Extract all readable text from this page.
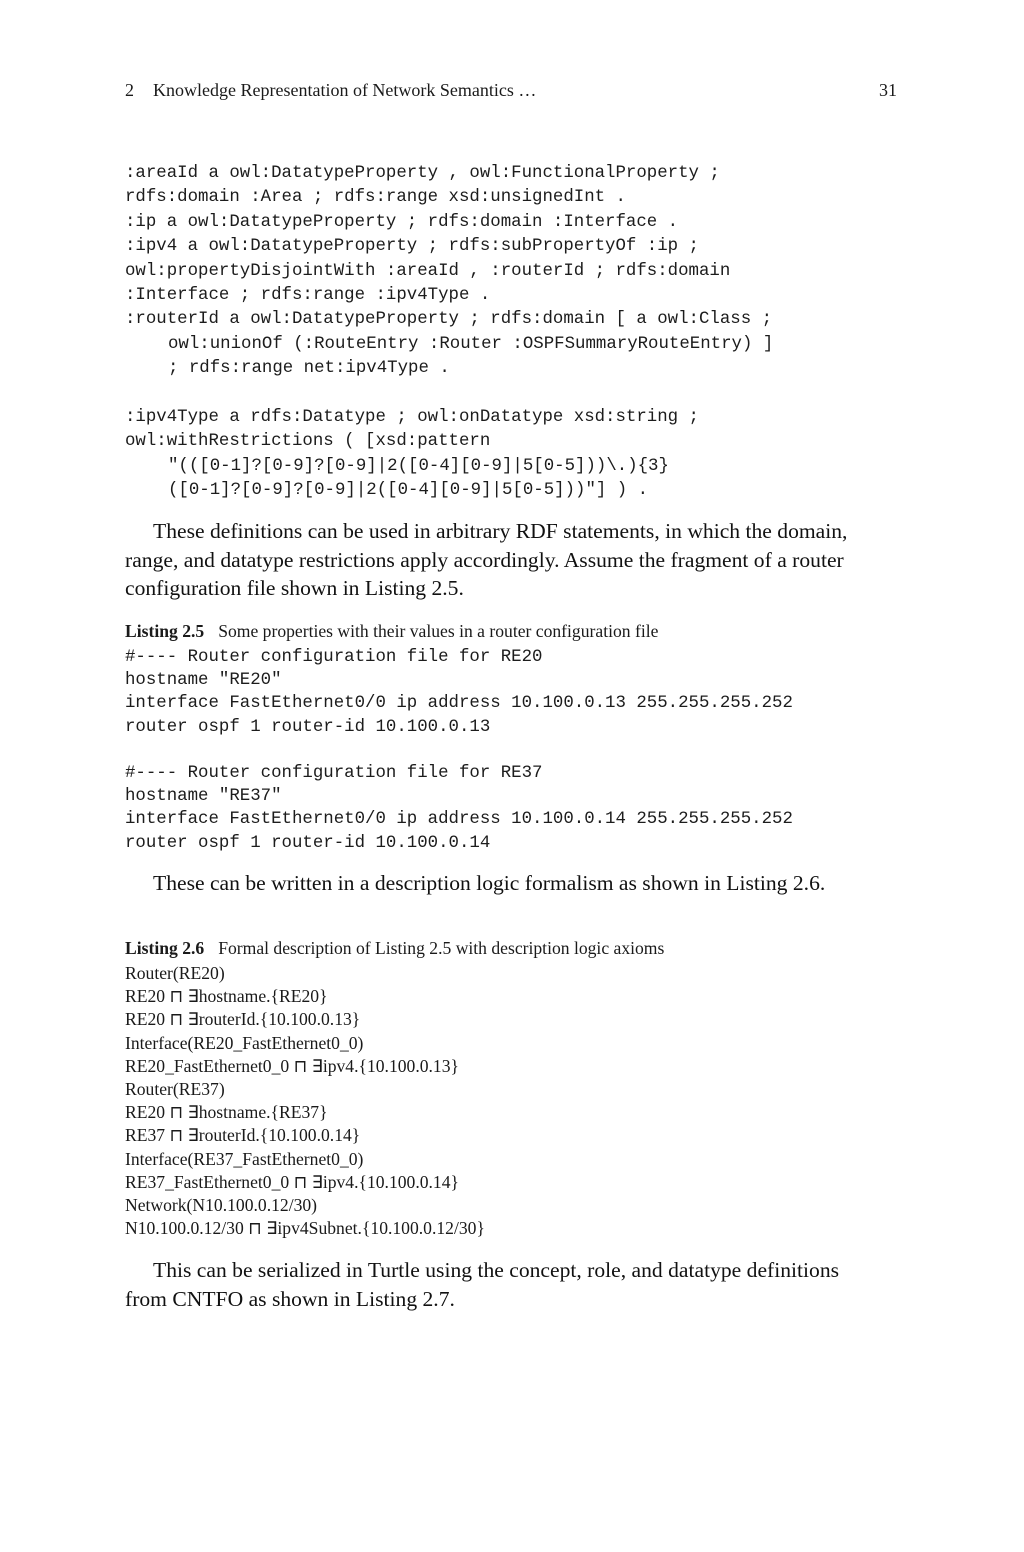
2 Knowledge Representation of Network Semantics …	31
:areaId a owl:DatatypeProperty , owl:FunctionalProperty ;
rdfs:domain :Area ; rdfs:range xsd:unsignedInt .
:ip a owl:DatatypeProperty ; rdfs:domain :Interface .
:ipv4 a owl:DatatypeProperty ; rdfs:subPropertyOf :ip ;
owl:propertyDisjointWith :areaId , :routerId ; rdfs:domain
:Interface ; rdfs:range :ipv4Type .
:routerId a owl:DatatypeProperty ; rdfs:domain [ a owl:Class ;
owl:unionOf (:RouteEntry :Router :OSPFSummaryRouteEntry) ]
; rdfs:range net:ipv4Type .
:ipv4Type a rdfs:Datatype ; owl:onDatatype xsd:string ;
owl:withRestrictions ( [xsd:pattern
"(([0-1]?[0-9]?[0-9]|2([0-4][0-9]|5[0-5]))\.){3}
([0-1]?[0-9]?[0-9]|2([0-4][0-9]|5[0-5]))"] ) .
These definitions can be used in arbitrary RDF statements, in which the domain,
range, and datatype restrictions apply accordingly. Assume the fragment of a router
configuration file shown in Listing 2.5.
Listing 2.5 Some properties with their values in a router configuration file
#---- Router configuration file for RE20
hostname "RE20"
interface FastEthernet0/0 ip address 10.100.0.13 255.255.255.252
router ospf 1 router-id 10.100.0.13
#---- Router configuration file for RE37
hostname "RE37"
interface FastEthernet0/0 ip address 10.100.0.14 255.255.255.252
router ospf 1 router-id 10.100.0.14
These can be written in a description logic formalism as shown in Listing 2.6.
Listing 2.6 Formal description of Listing 2.5 with description logic axioms
Router(RE20)
RE20 ⊓ ∃hostname.{RE20}
RE20 ⊓ ∃routerId.{10.100.0.13}
Interface(RE20_FastEthernet0_0)
RE20_FastEthernet0_0 ⊓ ∃ipv4.{10.100.0.13}
Router(RE37)
RE20 ⊓ ∃hostname.{RE37}
RE37 ⊓ ∃routerId.{10.100.0.14}
Interface(RE37_FastEthernet0_0)
RE37_FastEthernet0_0 ⊓ ∃ipv4.{10.100.0.14}
Network(N10.100.0.12/30)
N10.100.0.12/30 ⊓ ∃ipv4Subnet.{10.100.0.12/30}
This can be serialized in Turtle using the concept, role, and datatype definitions
from CNTFO as shown in Listing 2.7.
